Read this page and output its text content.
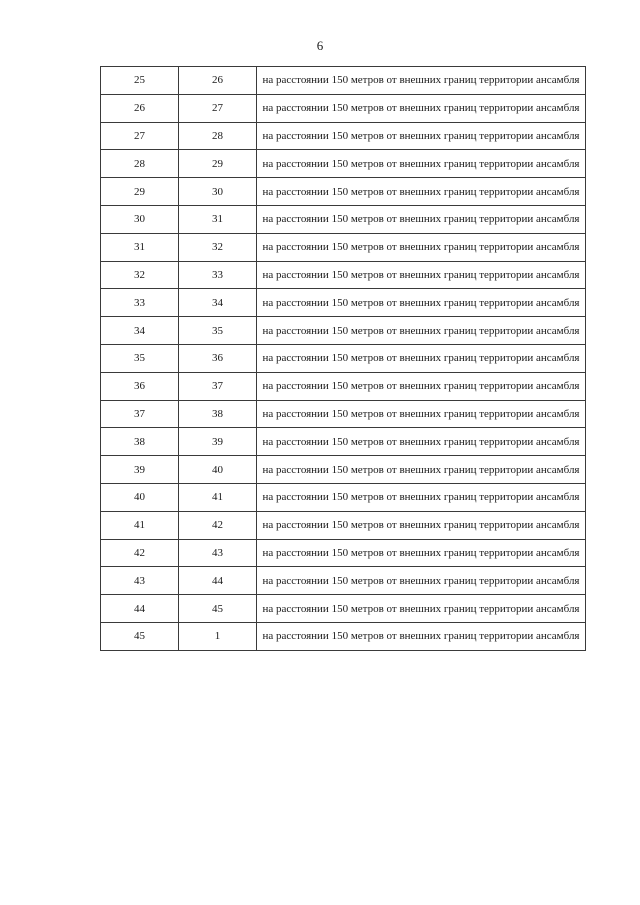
6
25	26	на расстоянии 150 метров от внешних границ территории ансамбля
26	27	на расстоянии 150 метров от внешних границ территории ансамбля
27	28	на расстоянии 150 метров от внешних границ территории ансамбля
28	29	на расстоянии 150 метров от внешних границ территории ансамбля
29	30	на расстоянии 150 метров от внешних границ территории ансамбля
30	31	на расстоянии 150 метров от внешних границ территории ансамбля
31	32	на расстоянии 150 метров от внешних границ территории ансамбля
32	33	на расстоянии 150 метров от внешних границ территории ансамбля
33	34	на расстоянии 150 метров от внешних границ территории ансамбля
34	35	на расстоянии 150 метров от внешних границ территории ансамбля
35	36	на расстоянии 150 метров от внешних границ территории ансамбля
36	37	на расстоянии 150 метров от внешних границ территории ансамбля
37	38	на расстоянии 150 метров от внешних границ территории ансамбля
38	39	на расстоянии 150 метров от внешних границ территории ансамбля
39	40	на расстоянии 150 метров от внешних границ территории ансамбля
40	41	на расстоянии 150 метров от внешних границ территории ансамбля
41	42	на расстоянии 150 метров от внешних границ территории ансамбля
42	43	на расстоянии 150 метров от внешних границ территории ансамбля
43	44	на расстоянии 150 метров от внешних границ территории ансамбля
44	45	на расстоянии 150 метров от внешних границ территории ансамбля
45	1	на расстоянии 150 метров от внешних границ территории ансамбля
